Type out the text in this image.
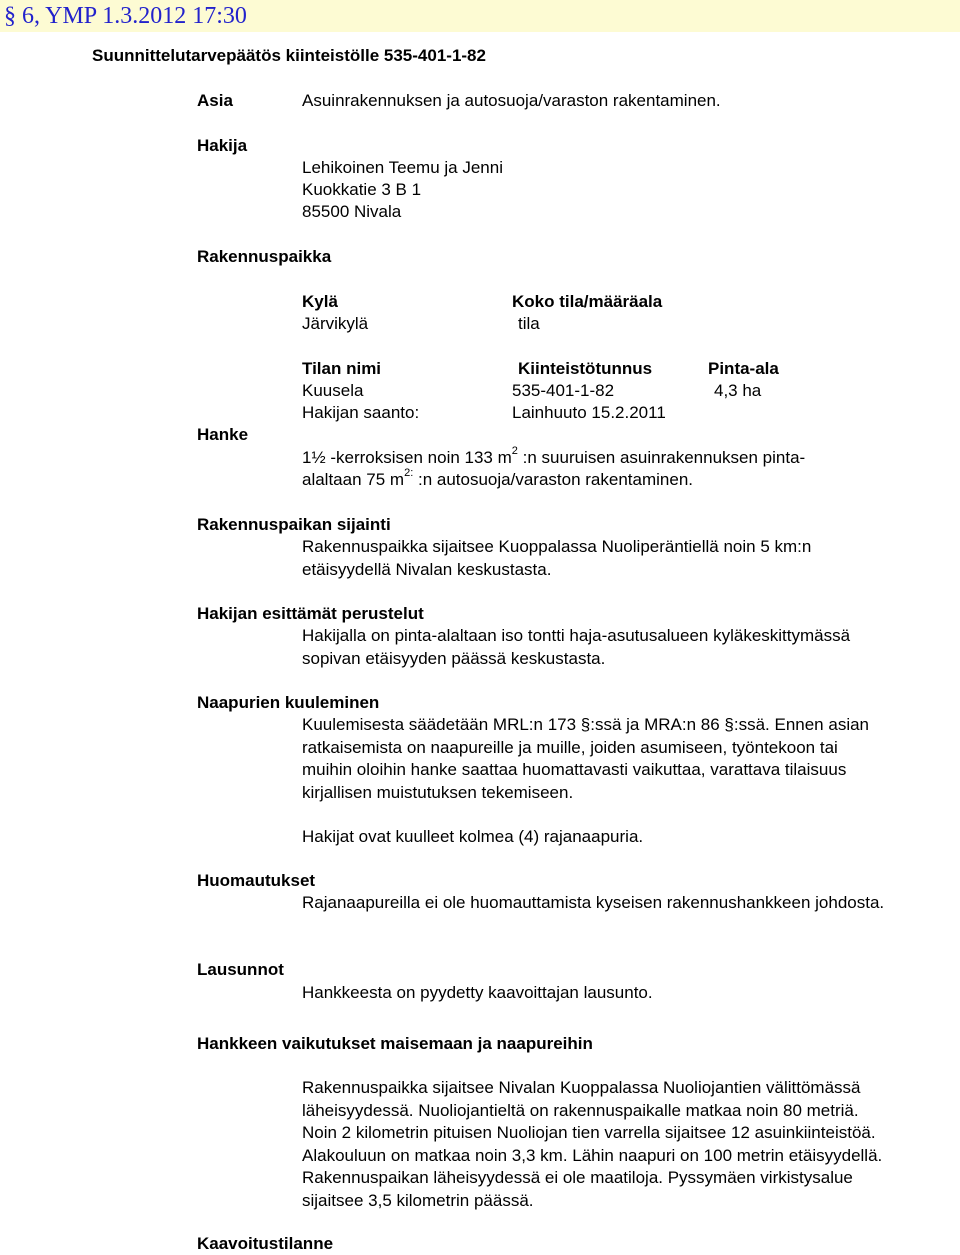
§ 6, YMP 1.3.2012 17:30
Suunnittelutarvepäätös kiinteistölle 535-401-1-82
Asia	Asuinrakennuksen ja autosuoja/varaston rakentaminen.
Hakija
Lehikoinen Teemu ja Jenni
Kuokkatie 3 B 1
85500 Nivala
Rakennuspaikka
Kylä	Koko tila/määräala
Järvikylä	tila
Tilan nimi	Kiinteistötunnus	Pinta-ala
Kuusela	535-401-1-82	4,3 ha
Hakijan saanto:	Lainhuuto 15.2.2011
Hanke
1½ -kerroksisen noin 133 $m^2$ :n suuruisen asuinrakennuksen pinta-
alaltaan 75 $m^{2:}$ :n autosuoja/varaston rakentaminen.
Rakennuspaikan sijainti
Rakennuspaikka sijaitsee Kuoppalassa Nuoliperäntiellä noin 5 km:n etäisyydellä Nivalan keskustasta.
Hakijan esittämät perustelut
Hakijalla on pinta-alaltaan iso tontti haja-asutusalueen kyläkeskittymässä sopivan etäisyyden päässä keskustasta.
Naapurien kuuleminen
Kuulemisesta säädetään MRL:n 173 §:ssä ja MRA:n 86 §:ssä. Ennen asian ratkaisemista on naapureille ja muille, joiden asumiseen, työntekoon tai muihin oloihin hanke saattaa huomattavasti vaikuttaa, varattava tilaisuus kirjallisen muistutuksen tekemiseen.
Hakijat ovat kuulleet kolmea (4) rajanaapuria.
Huomautukset
Rajanaapureilla ei ole huomauttamista kyseisen rakennushankkeen johdosta.
Lausunnot
Hankkeesta on pyydetty kaavoittajan lausunto.
Hankkeen vaikutukset maisemaan ja naapureihin
Rakennuspaikka sijaitsee Nivalan Kuoppalassa Nuoliojantien välittömässä läheisyydessä. Nuoliojantieltä on rakennuspaikalle matkaa noin 80 metriä. Noin 2 kilometrin pituisen Nuoliojan tien varrella sijaitsee 12 asuinkiinteistöä. Alakouluun on matkaa noin 3,3 km. Lähin naapuri on 100 metrin etäisyydellä. Rakennuspaikan läheisyydessä ei ole maatiloja. Pyssymäen virkistysalue sijaitsee 3,5 kilometrin päässä.
Kaavoitustilanne
